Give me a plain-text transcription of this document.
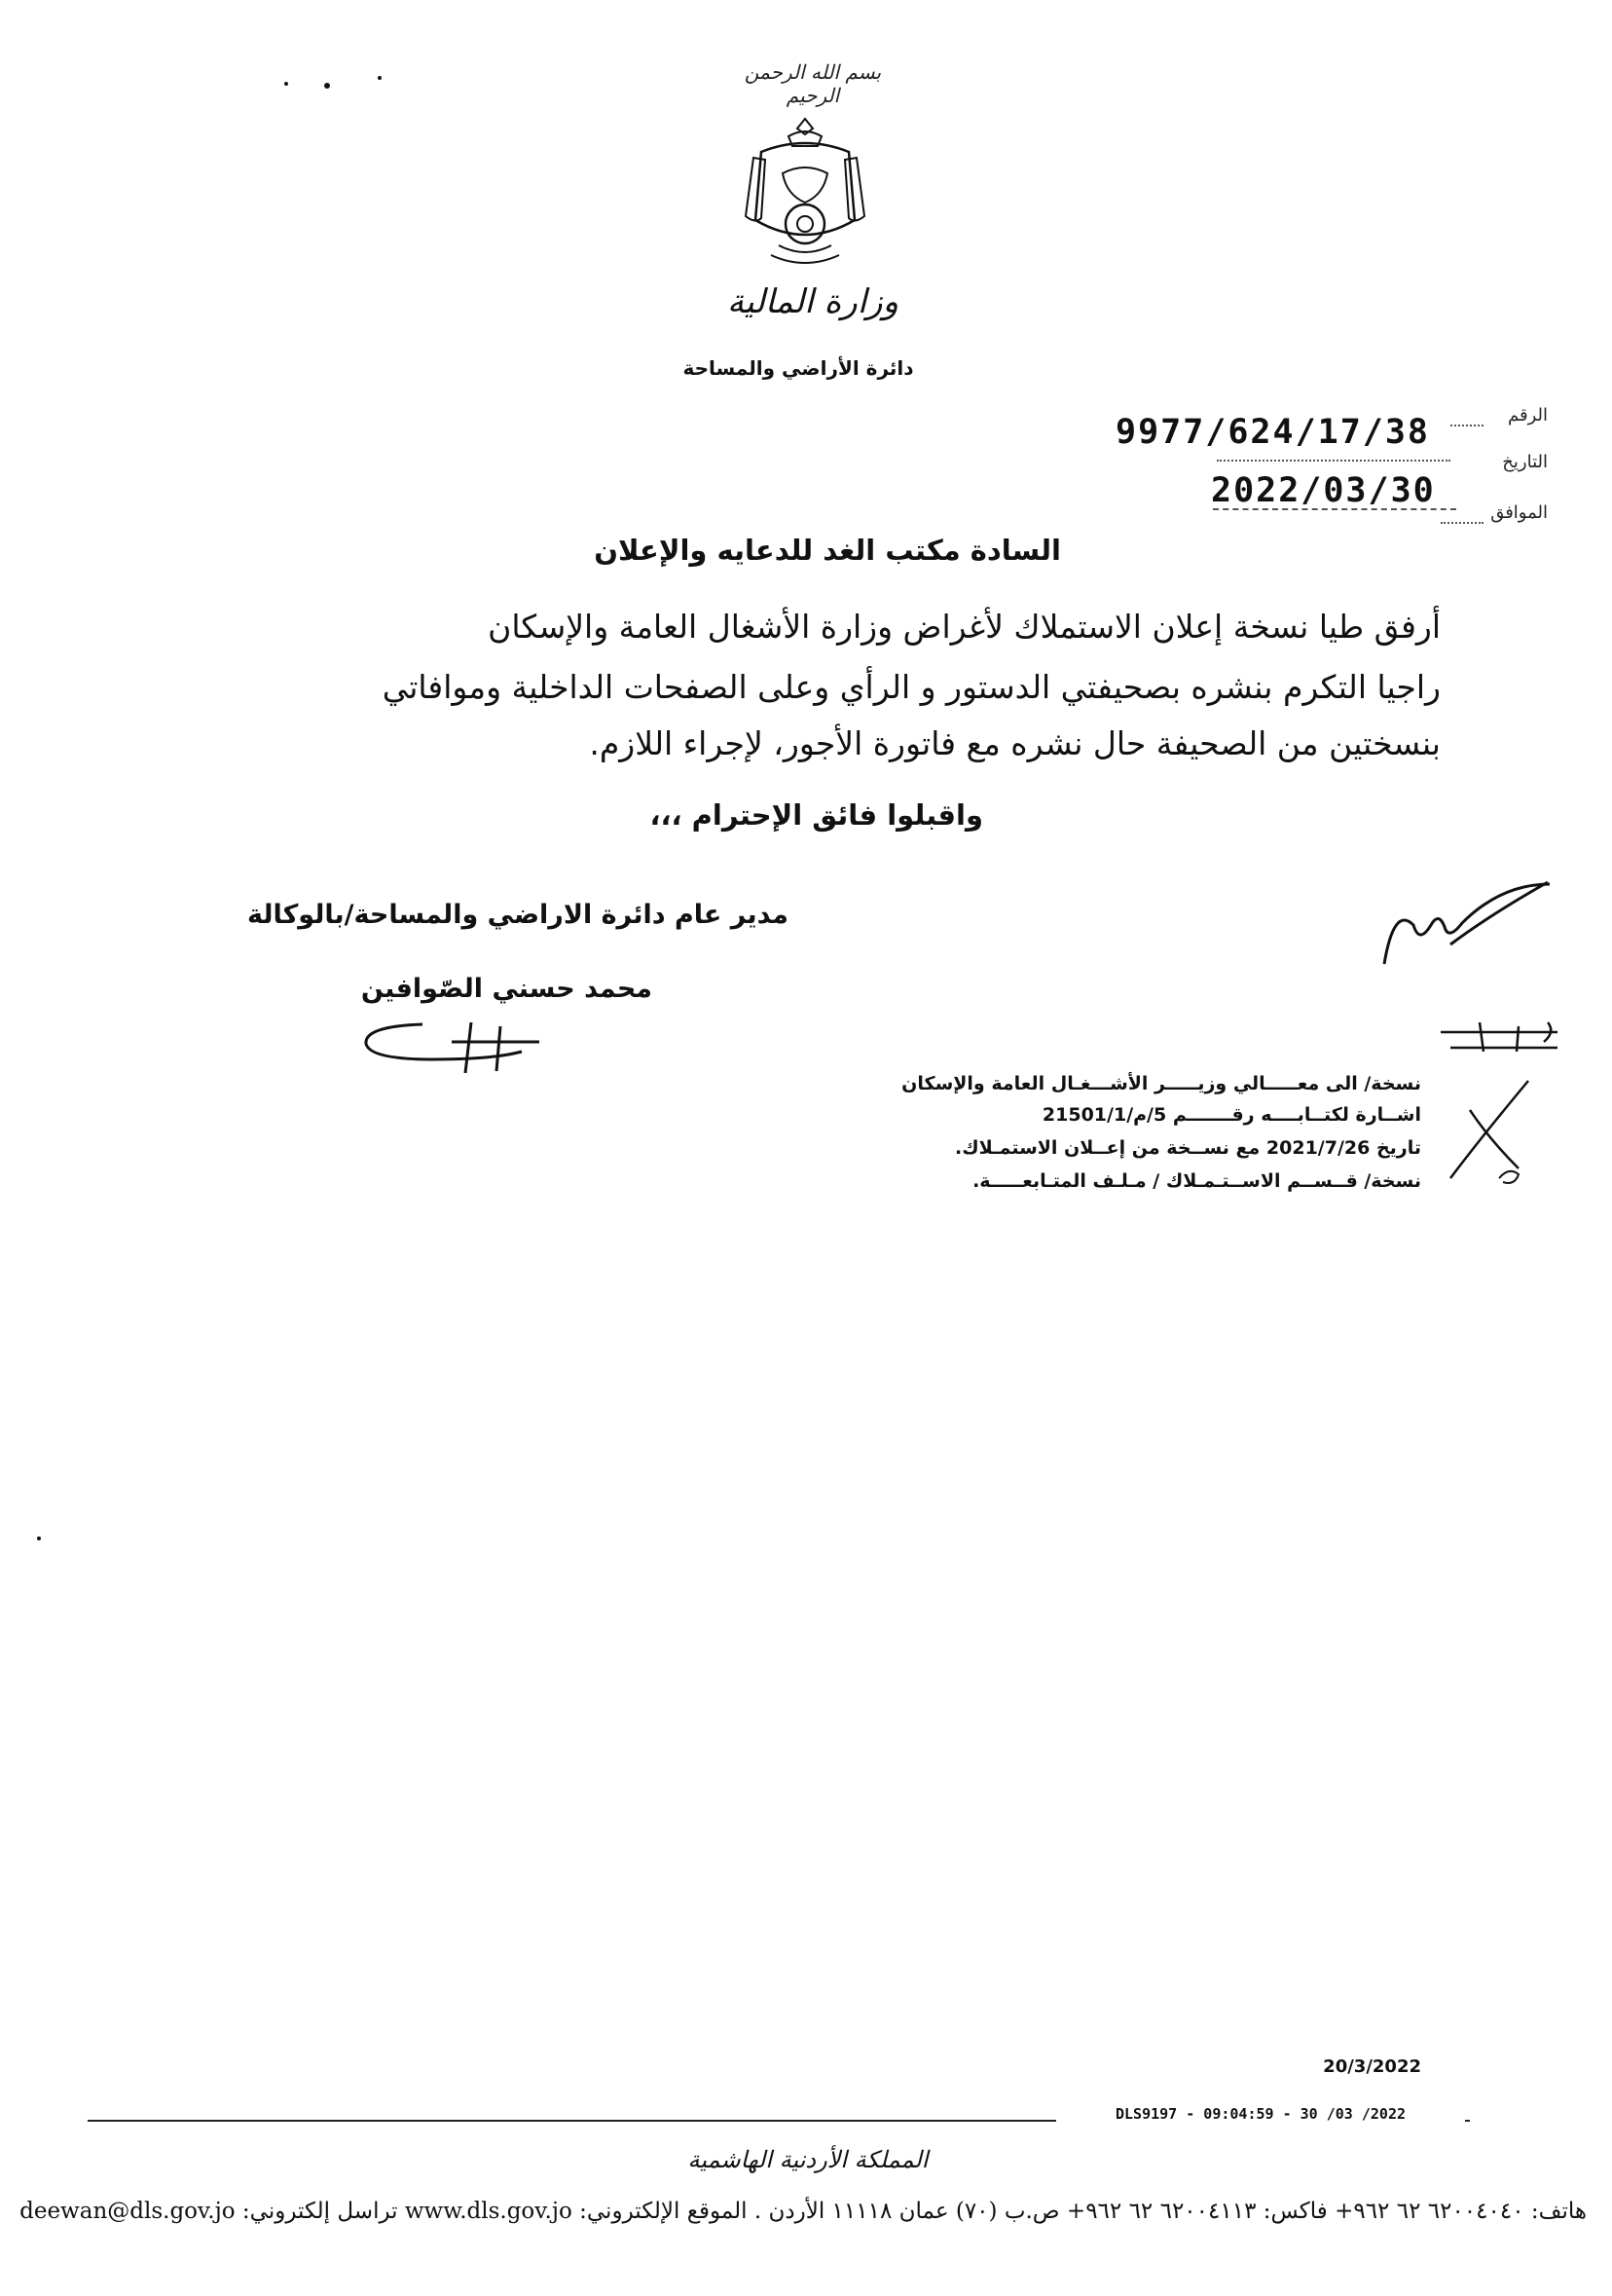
بسم الله الرحمن الرحيم
وزارة المالية
دائرة الأراضي والمساحة
الرقم
9977/624/17/38
التاريخ
2022/03/30
الموافق
السادة مكتب الغد للدعايه والإعلان
أرفق طيا نسخة إعلان الاستملاك لأغراض وزارة الأشغال العامة والإسكان
راجيا التكرم بنشره بصحيفتي الدستور و الرأي وعلى الصفحات الداخلية وموافاتي
بنسختين من الصحيفة حال نشره مع فاتورة الأجور، لإجراء اللازم.
واقبلوا فائق الإحترام ،،،
مدير عام دائرة الاراضي والمساحة/بالوكالة
محمد حسني الصّوافين
نسخة/ الى معـــــالي وزيـــــر الأشـــغـال العامة والإسكان
اشــارة لكتــابــــه رقـــــــم 5/م/21501/1
تاريخ 2021/7/26 مع نســخة من إعــلان الاستمـلاك.
نسخة/ قــســم الاســتـمـلاك / مـلـف المتـابعـــــة.
20/3/2022
DLS9197 - 09:04:59 - 30 /03 /2022
المملكة الأردنية الهاشمية
هاتف: ٦٢٠٠٤٠٤٠ ٦٢ ٩٦٢+ فاكس: ٦٢٠٠٤١١٣ ٦٢ ٩٦٢+ ص.ب (٧٠) عمان ١١١١٨ الأردن . الموقع الإلكتروني: www.dls.gov.jo تراسل إلكتروني: deewan@dls.gov.jo
